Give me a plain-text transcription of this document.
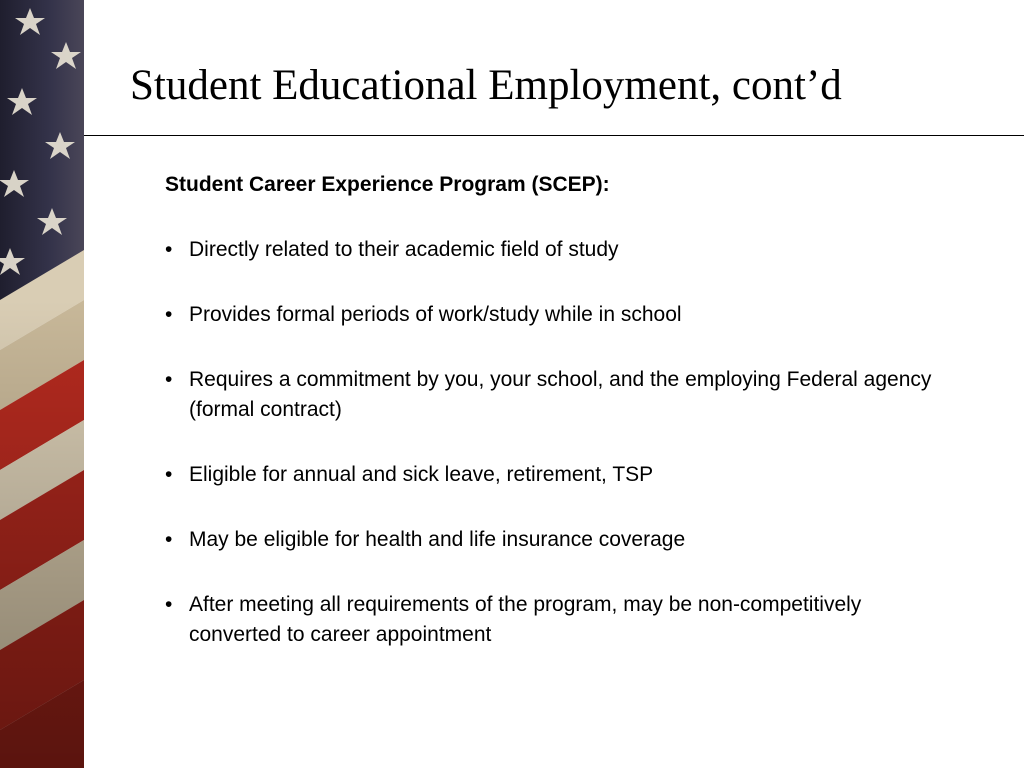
Student Educational Employment, cont’d

Student Career Experience Program (SCEP):

• Directly related to their academic field of study
• Provides formal periods of work/study while in school
• Requires a commitment by you, your school, and the employing Federal agency (formal contract)
• Eligible for annual and sick leave, retirement, TSP
• May be eligible for health and life insurance coverage
• After meeting all requirements of the program, may be non-competitively converted to career appointment
